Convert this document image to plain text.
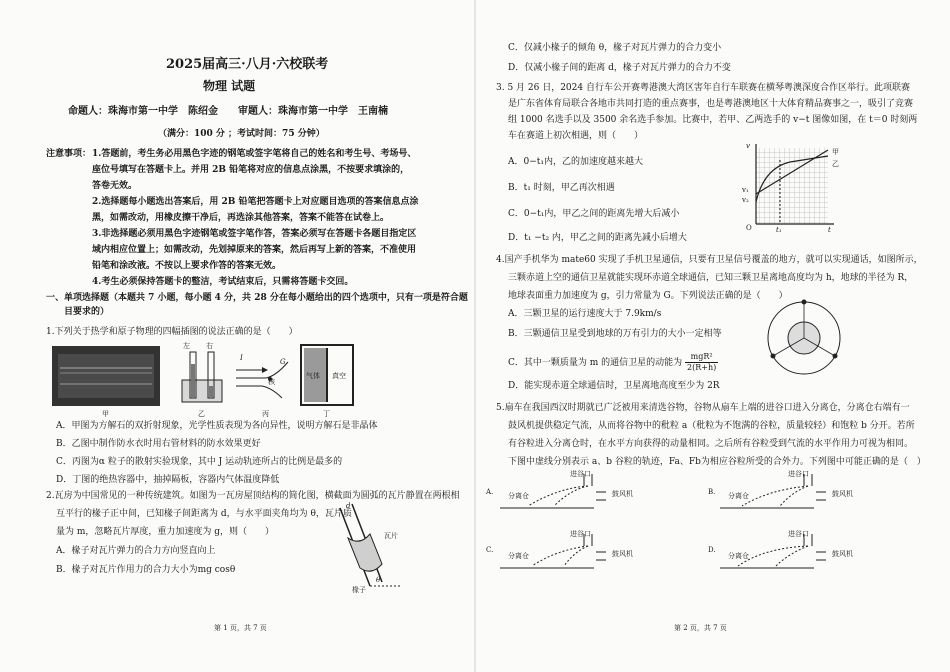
2025届高三·八月·六校联考
物理 试题
命题人：珠海市第一中学　陈绍金　　审题人：珠海市第一中学　王南楠
（满分：100 分 ；考试时间：75 分钟）
注意事项： 1.答题前，考生务必用黑色字迹的钢笔或签字笔将自己的姓名和考生号、考场号、
座位号填写在答题卡上。并用 2B 铅笔将对应的信息点涂黑，不按要求填涂的，
答卷无效。
2.选择题每小题选出答案后，用 2B 铅笔把答题卡上对应题目选项的答案信息点涂
黑，如需改动，用橡皮擦干净后，再选涂其他答案，答案不能答在试卷上。
3.非选择题必须用黑色字迹钢笔或签字笔作答，答案必须写在答题卡各题目指定区
域内相应位置上；如需改动，先划掉原来的答案，然后再写上新的答案，不准使用
铅笔和涂改液。不按以上要求作答的答案无效。
4.考生必须保持答题卡的整洁，考试结束后，只需将答题卡交回。
一、单项选择题（本题共 7 小题，每小题 4 分，共 28 分在每小题给出的四个选项中，只有一项是符合题
目要求的）
1.下列关于热学和原子物理的四幅插图的说法正确的是（　　）
甲
左 右
乙
I	G
核
丙
气体 真空
丁
A．甲图为方解石的双折射现象，光学性质表现为各向异性，说明方解石是非晶体
B．乙图中制作防水衣时用右管材料的防水效果更好
C．丙图为α 粒子的散射实验现象，其中 J 运动轨迹所占的比例是最多的
D．丁图的绝热容器中，抽掉隔板，容器内气体温度降低
2.瓦房为中国常见的一种传统建筑。如图为一瓦房屋顶结构的简化图，横截面为圆弧的瓦片静置在两根相
互平行的椽子正中间，已知椽子间距离为 d，与水平面夹角均为 θ，瓦片质
量为 m，忽略瓦片厚度，重力加速度为 g，则（　　）
A．椽子对瓦片弹力的合力方向竖直向上
B．椽子对瓦片作用力的合力大小为mg cosθ
d
θ
瓦片
椽子
第 1 页，共 7 页
C．仅减小椽子的倾角 θ，椽子对瓦片弹力的合力变小
D．仅减小椽子间的距离 d，椽子对瓦片弹力的合力不变
3. 5 月 26 日，2024 自行车公开赛粤港澳大湾区害年自行车联赛在横琴粤澳深度合作区举行。此项联赛
是广东省体育局联合各地市共同打造的重点赛事，也是粤港澳地区十大体育精品赛事之一，吸引了竞赛
组 1000 名选手以及 3500 余名选手参加。比赛中，若甲、乙两选手的 v−t 图像如图，在 t＝0 时刻两
车在赛道上初次相遇，则（　　）
A．0−t₁内，乙的加速度越来越大
B．t₁ 时刻，甲乙再次相遇
C．0−t₁内，甲乙之间的距离先增大后减小
D．t₁ −t₂ 内，甲乙之间的距离先减小后增大
v
甲
乙
v₁
v₂
O	t₁	t
4.国产手机华为 mate60 实现了手机卫星通信，只要有卫星信号覆盖的地方，就可以实现通话，如图所示，
三颗赤道上空的通信卫星就能实现环赤道全球通信，已知三颗卫星离地高度均为 h，地球的半径为 R，
地球表面重力加速度为 g，引力常量为 G。下列说法正确的是（　　）
A．三颗卫星的运行速度大于 7.9km/s
B．三颗通信卫星受到地球的万有引力的大小一定相等
C．其中一颗质量为 m 的通信卫星的动能为 $\frac{\text{mgR²}}{2(R+h)}$
D．能实现赤道全球通信时，卫星离地高度至少为 2R
5.扇车在我国西汉时期就已广泛被用来清选谷物，谷物从扇车上端的进谷口进入分离仓，分离仓右端有一
鼓风机提供稳定气流，从而将谷物中的秕粒 a（秕粒为不饱满的谷粒，质量较轻）和饱粒 b 分开。若所
有谷粒进入分离仓时，在水平方向获得的动量相同。之后所有谷粒受到气流的水平作用力可视为相同。
下图中虚线分别表示 a、b 谷粒的轨迹，Fa、Fb为相应谷粒所受的合外力。下列图中可能正确的是（　）
A. 分离仓
进谷口
鼓风机	B. 分离仓
进谷口
鼓风机
C.
分离仓
进谷口
鼓风机	D.
分离仓
进谷口
鼓风机
第 2 页，共 7 页
